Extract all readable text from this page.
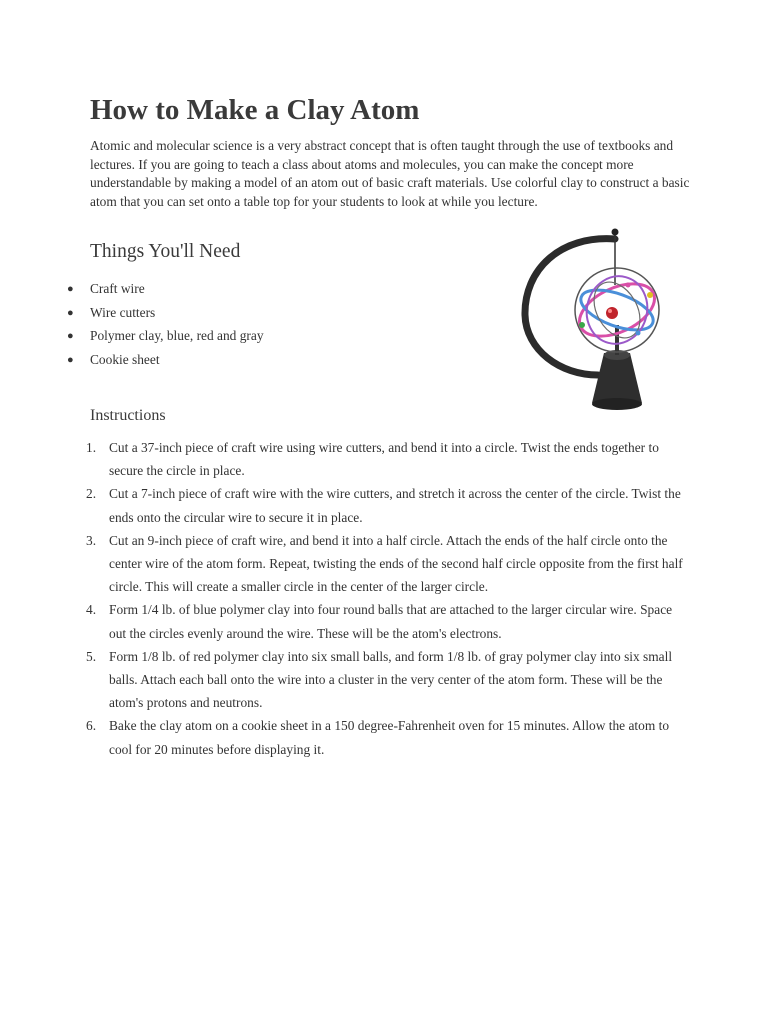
How to Make a Clay Atom

Atomic and molecular science is a very abstract concept that is often taught through the use of textbooks and lectures. If you are going to teach a class about atoms and molecules, you can make the concept more understandable by making a model of an atom out of basic craft materials. Use colorful clay to construct a basic atom that you can set onto a table top for your students to look at while you lecture.

Things You'll Need
● Craft wire
● Wire cutters
● Polymer clay, blue, red and gray
● Cookie sheet
Instructions
1. Cut a 37-inch piece of craft wire using wire cutters, and bend it into a circle. Twist the ends together to secure the circle in place.
2. Cut a 7-inch piece of craft wire with the wire cutters, and stretch it across the center of the circle. Twist the ends onto the circular wire to secure it in place.
3. Cut an 9-inch piece of craft wire, and bend it into a half circle. Attach the ends of the half circle onto the center wire of the atom form. Repeat, twisting the ends of the second half circle opposite from the first half circle. This will create a smaller circle in the center of the larger circle.
4. Form 1/4 lb. of blue polymer clay into four round balls that are attached to the larger circular wire. Space out the circles evenly around the wire. These will be the atom's electrons.
5. Form 1/8 lb. of red polymer clay into six small balls, and form 1/8 lb. of gray polymer clay into six small balls. Attach each ball onto the wire into a cluster in the very center of the atom form. These will be the atom's protons and neutrons.
6. Bake the clay atom on a cookie sheet in a 150 degree-Fahrenheit oven for 15 minutes. Allow the atom to cool for 20 minutes before displaying it.
